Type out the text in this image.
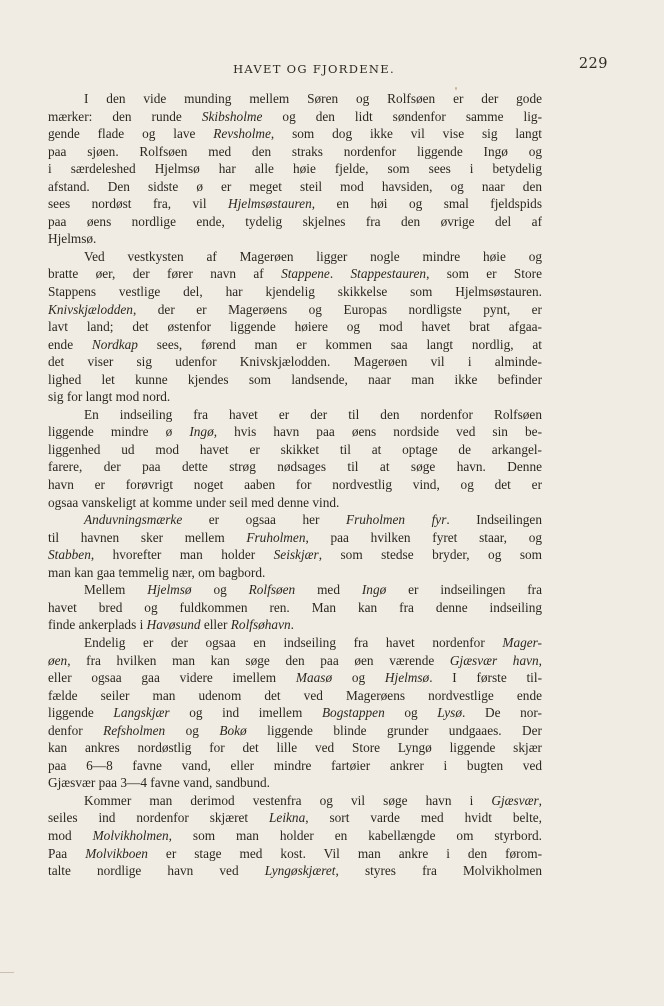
HAVET OG FJORDENE.	229
I den vide munding mellem Søren og Rolfsøen er der gode
mærker: den runde Skibsholme og den lidt søndenfor samme lig-
gende flade og lave Revsholme, som dog ikke vil vise sig langt
paa sjøen. Rolfsøen med den straks nordenfor liggende Ingø og
i særdeleshed Hjelmsø har alle høie fjelde, som sees i betydelig
afstand. Den sidste ø er meget steil mod havsiden, og naar den
sees nordøst fra, vil Hjelmsøstauren, en høi og smal fjeldspids
paa øens nordlige ende, tydelig skjelnes fra den øvrige del af
Hjelmsø.
Ved vestkysten af Magerøen ligger nogle mindre høie og
bratte øer, der fører navn af Stappene. Stappestauren, som er Store
Stappens vestlige del, har kjendelig skikkelse som Hjelmsøstauren.
Knivskjælodden, der er Magerøens og Europas nordligste pynt, er
lavt land; det østenfor liggende høiere og mod havet brat afgaa-
ende Nordkap sees, førend man er kommen saa langt nordlig, at
det viser sig udenfor Knivskjælodden. Magerøen vil i alminde-
lighed let kunne kjendes som landsende, naar man ikke befinder
sig for langt mod nord.
En indseiling fra havet er der til den nordenfor Rolfsøen
liggende mindre ø Ingø, hvis havn paa øens nordside ved sin be-
liggenhed ud mod havet er skikket til at optage de arkangel-
farere, der paa dette strøg nødsages til at søge havn. Denne
havn er forøvrigt noget aaben for nordvestlig vind, og det er
ogsaa vanskeligt at komme under seil med denne vind.
Anduvningsmærke er ogsaa her Fruholmen fyr. Indseilingen
til havnen sker mellem Fruholmen, paa hvilken fyret staar, og
Stabben, hvorefter man holder Seiskjær, som stedse bryder, og som
man kan gaa temmelig nær, om bagbord.
Mellem Hjelmsø og Rolfsøen med Ingø er indseilingen fra
havet bred og fuldkommen ren. Man kan fra denne indseiling
finde ankerplads i Havøsund eller Rolfsøhavn.
Endelig er der ogsaa en indseiling fra havet nordenfor Mager-
øen, fra hvilken man kan søge den paa øen værende Gjæsvær havn,
eller ogsaa gaa videre imellem Maasø og Hjelmsø. I første til-
fælde seiler man udenom det ved Magerøens nordvestlige ende
liggende Langskjær og ind imellem Bogstappen og Lysø. De nor-
denfor Refsholmen og Bokø liggende blinde grunder undgaaes. Der
kan ankres nordøstlig for det lille ved Store Lyngø liggende skjær
paa 6—8 favne vand, eller mindre fartøier ankrer i bugten ved
Gjæsvær paa 3—4 favne vand, sandbund.
Kommer man derimod vestenfra og vil søge havn i Gjæsvær,
seiles ind nordenfor skjæret Leikna, sort varde med hvidt belte,
mod Molvikholmen, som man holder en kabellængde om styrbord.
Paa Molvikboen er stage med kost. Vil man ankre i den førom-
talte nordlige havn ved Lyngøskjæret, styres fra Molvikholmen
